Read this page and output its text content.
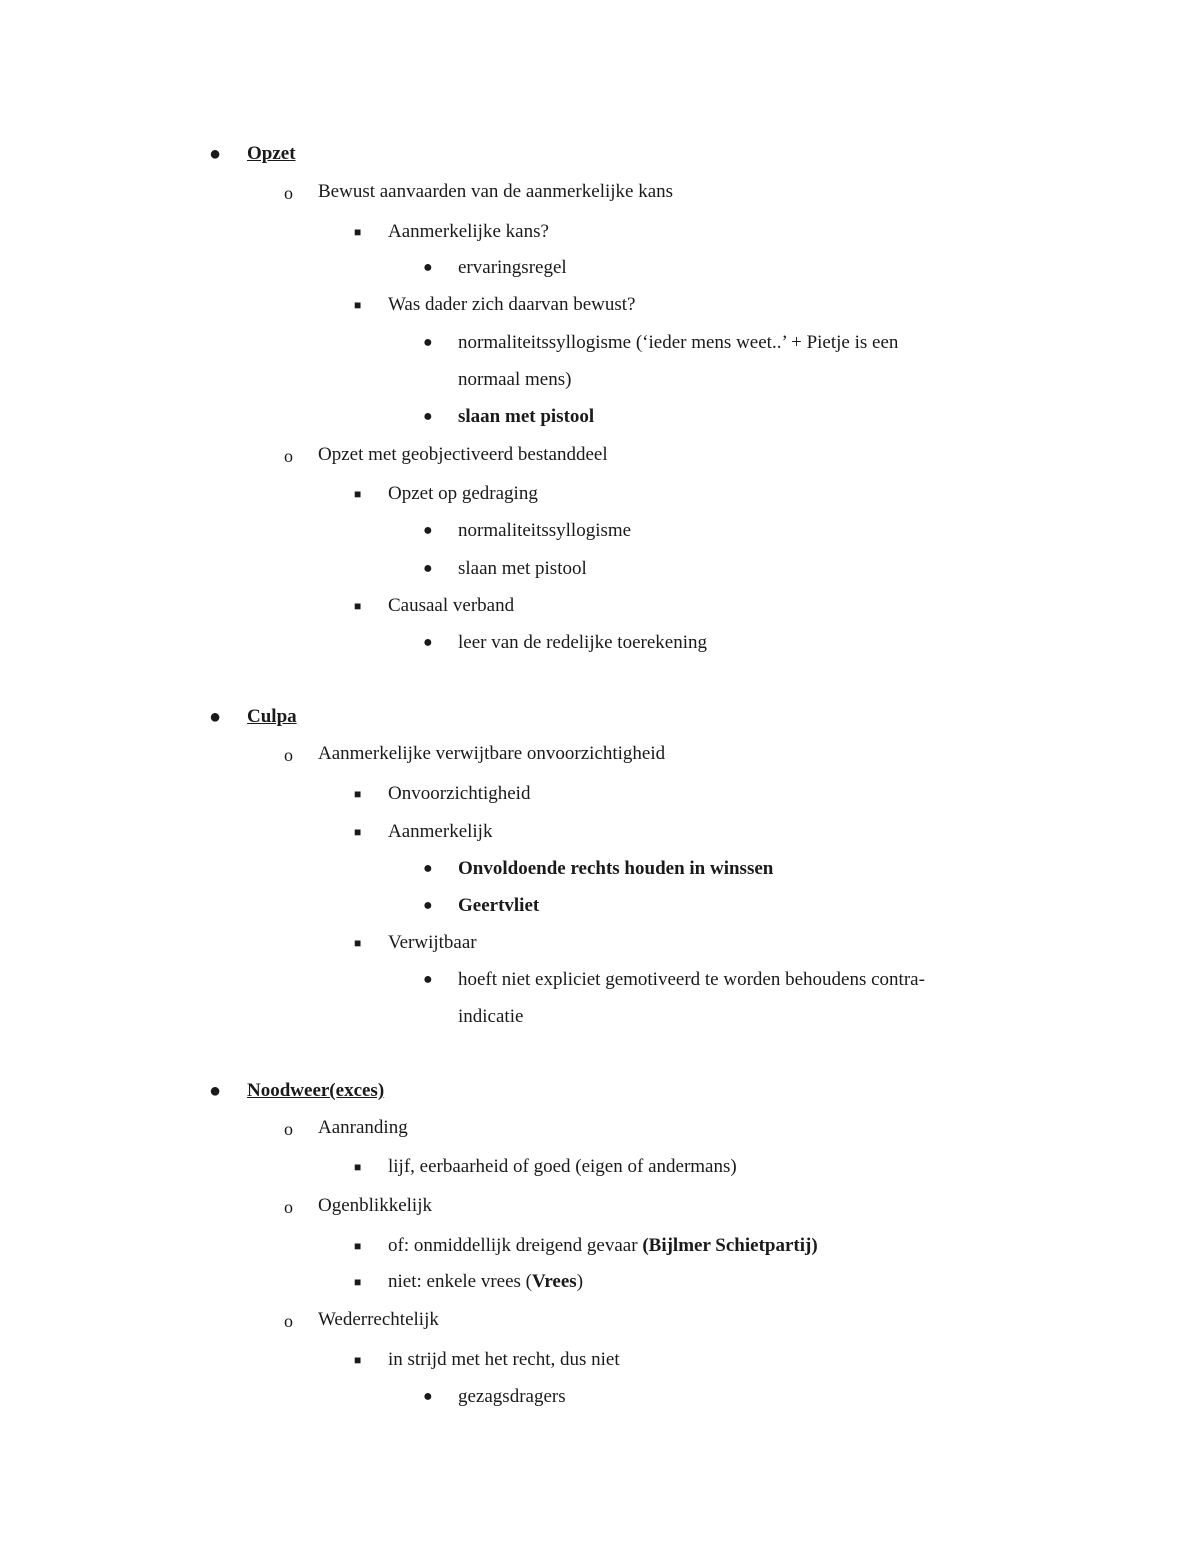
● Opzet
o Bewust aanvaarden van de aanmerkelijke kans
■ Aanmerkelijke kans?
● ervaringsregel
■ Was dader zich daarvan bewust?
● normaliteitssyllogisme (‘ieder mens weet..’ + Pietje is een
normaal mens)
● slaan met pistool
o Opzet met geobjectiveerd bestanddeel
■ Opzet op gedraging
● normaliteitssyllogisme
● slaan met pistool
■ Causaal verband
● leer van de redelijke toerekening
● Culpa
o Aanmerkelijke verwijtbare onvoorzichtigheid
■ Onvoorzichtigheid
■ Aanmerkelijk
● Onvoldoende rechts houden in winssen
● Geertvliet
■ Verwijtbaar
● hoeft niet expliciet gemotiveerd te worden behoudens contra-
indicatie
● Noodweer(exces)
o Aanranding
■ lijf, eerbaarheid of goed (eigen of andermans)
o Ogenblikkelijk
■ of: onmiddellijk dreigend gevaar (Bijlmer Schietpartij)
■ niet: enkele vrees (Vrees)
o Wederrechtelijk
■ in strijd met het recht, dus niet
● gezagsdragers
